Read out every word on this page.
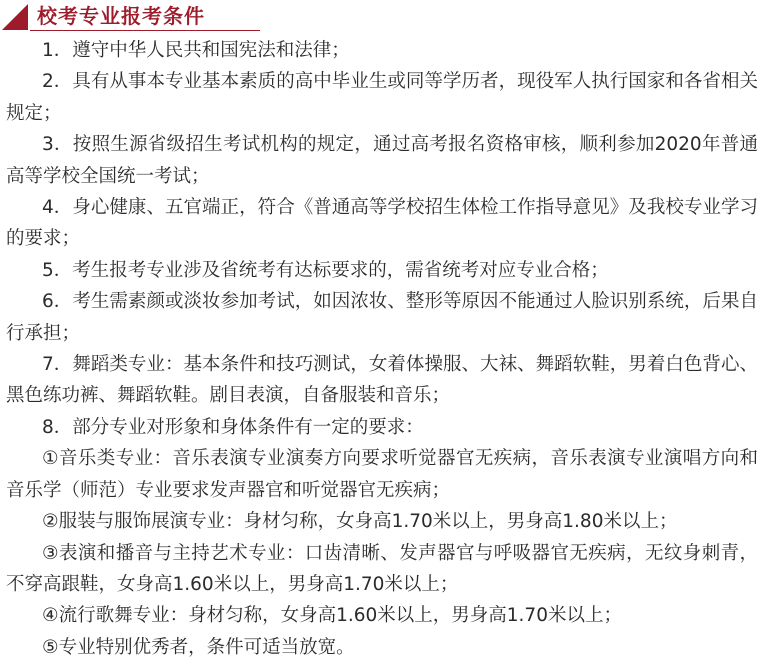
校考专业报考条件

1．遵守中华人民共和国宪法和法律；

2．具有从事本专业基本素质的高中毕业生或同等学历者，现役军人执行国家和各省相关规定；

3．按照生源省级招生考试机构的规定，通过高考报名资格审核，顺利参加2020年普通高等学校全国统一考试；

4．身心健康、五官端正，符合《普通高等学校招生体检工作指导意见》及我校专业学习的要求；

5．考生报考专业涉及省统考有达标要求的，需省统考对应专业合格；

6．考生需素颜或淡妆参加考试，如因浓妆、整形等原因不能通过人脸识别系统，后果自行承担；

7．舞蹈类专业：基本条件和技巧测试，女着体操服、大袜、舞蹈软鞋，男着白色背心、黑色练功裤、舞蹈软鞋。剧目表演，自备服装和音乐；

8．部分专业对形象和身体条件有一定的要求：

①音乐类专业：音乐表演专业演奏方向要求听觉器官无疾病，音乐表演专业演唱方向和音乐学（师范）专业要求发声器官和听觉器官无疾病；

②服装与服饰展演专业：身材匀称，女身高1.70米以上，男身高1.80米以上；

③表演和播音与主持艺术专业：口齿清晰、发声器官与呼吸器官无疾病，无纹身刺青，不穿高跟鞋，女身高1.60米以上，男身高1.70米以上；

④流行歌舞专业：身材匀称，女身高1.60米以上，男身高1.70米以上；

⑤专业特别优秀者，条件可适当放宽。
